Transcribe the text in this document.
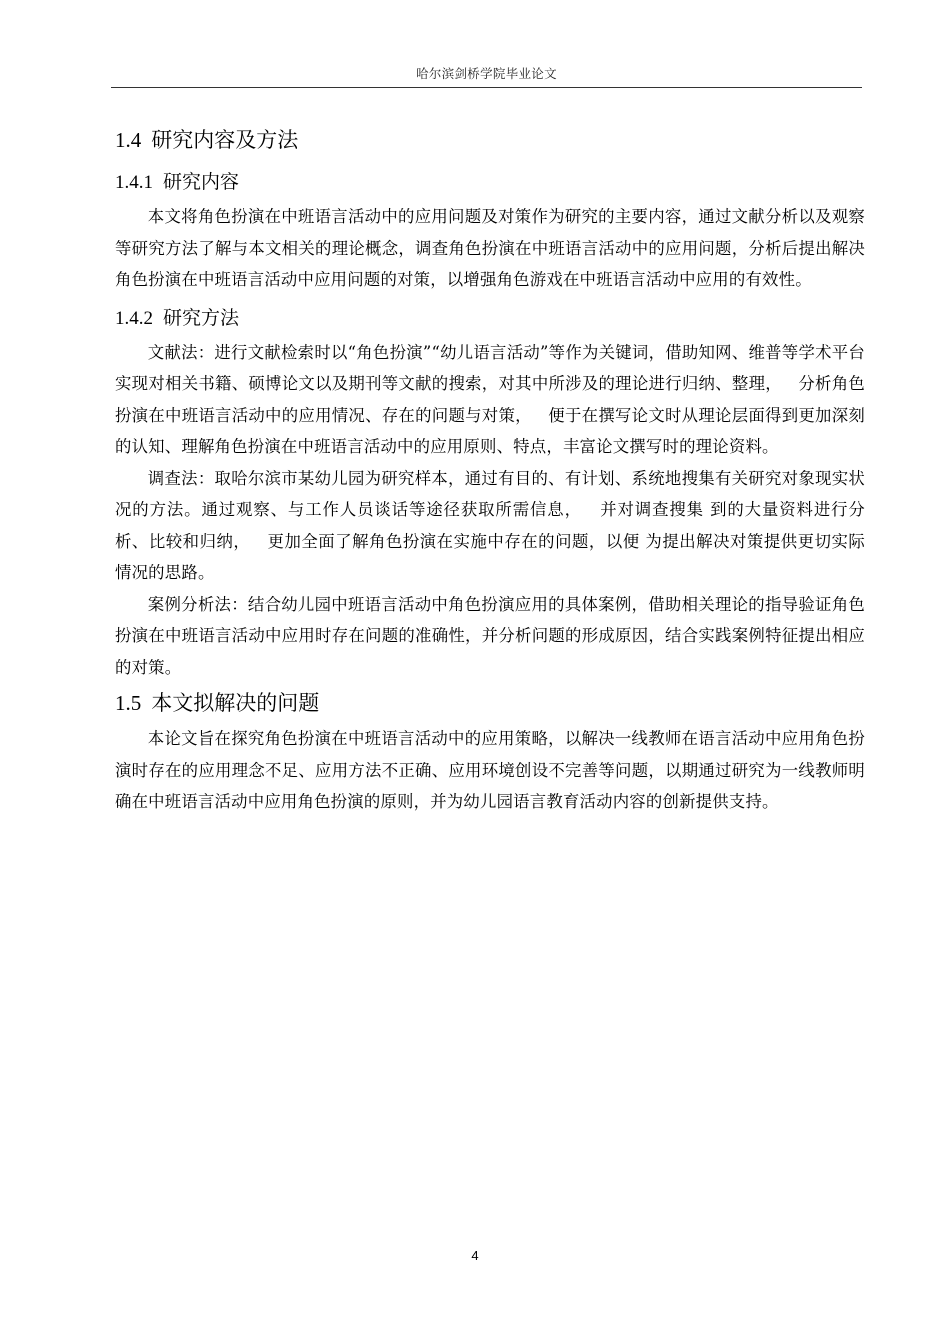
哈尔滨剑桥学院毕业论文
1.4 研究内容及方法
1.4.1 研究内容

本文将角色扮演在中班语言活动中的应用问题及对策作为研究的主要内容，通过文献分析以及观察等研究方法了解与本文相关的理论概念，调查角色扮演在中班语言活动中的应用问题，分析后提出解决角色扮演在中班语言活动中应用问题的对策，以增强角色游戏在中班语言活动中应用的有效性。

1.4.2 研究方法

文献法：进行文献检索时以“角色扮演”“幼儿语言活动”等作为关键词，借助知网、维普等学术平台实现对相关书籍、硕博论文以及期刊等文献的搜索，对其中所涉及的理论进行归纳、整理，   分析角色扮演在中班语言活动中的应用情况、存在的问题与对策，   便于在撰写论文时从理论层面得到更加深刻的认知、理解角色扮演在中班语言活动中的应用原则、特点，丰富论文撰写时的理论资料。

调查法：取哈尔滨市某幼儿园为研究样本，通过有目的、有计划、系统地搜集有关研究对象现实状况的方法。通过观察、与工作人员谈话等途径获取所需信息，   并对调查搜集 到的大量资料进行分析、比较和归纳，   更加全面了解角色扮演在实施中存在的问题，以便 为提出解决对策提供更切实际情况的思路。

案例分析法：结合幼儿园中班语言活动中角色扮演应用的具体案例，借助相关理论的指导验证角色扮演在中班语言活动中应用时存在问题的准确性，并分析问题的形成原因，结合实践案例特征提出相应的对策。

1.5 本文拟解决的问题

本论文旨在探究角色扮演在中班语言活动中的应用策略，以解决一线教师在语言活动中应用角色扮演时存在的应用理念不足、应用方法不正确、应用环境创设不完善等问题，以期通过研究为一线教师明确在中班语言活动中应用角色扮演的原则，并为幼儿园语言教育活动内容的创新提供支持。

4
